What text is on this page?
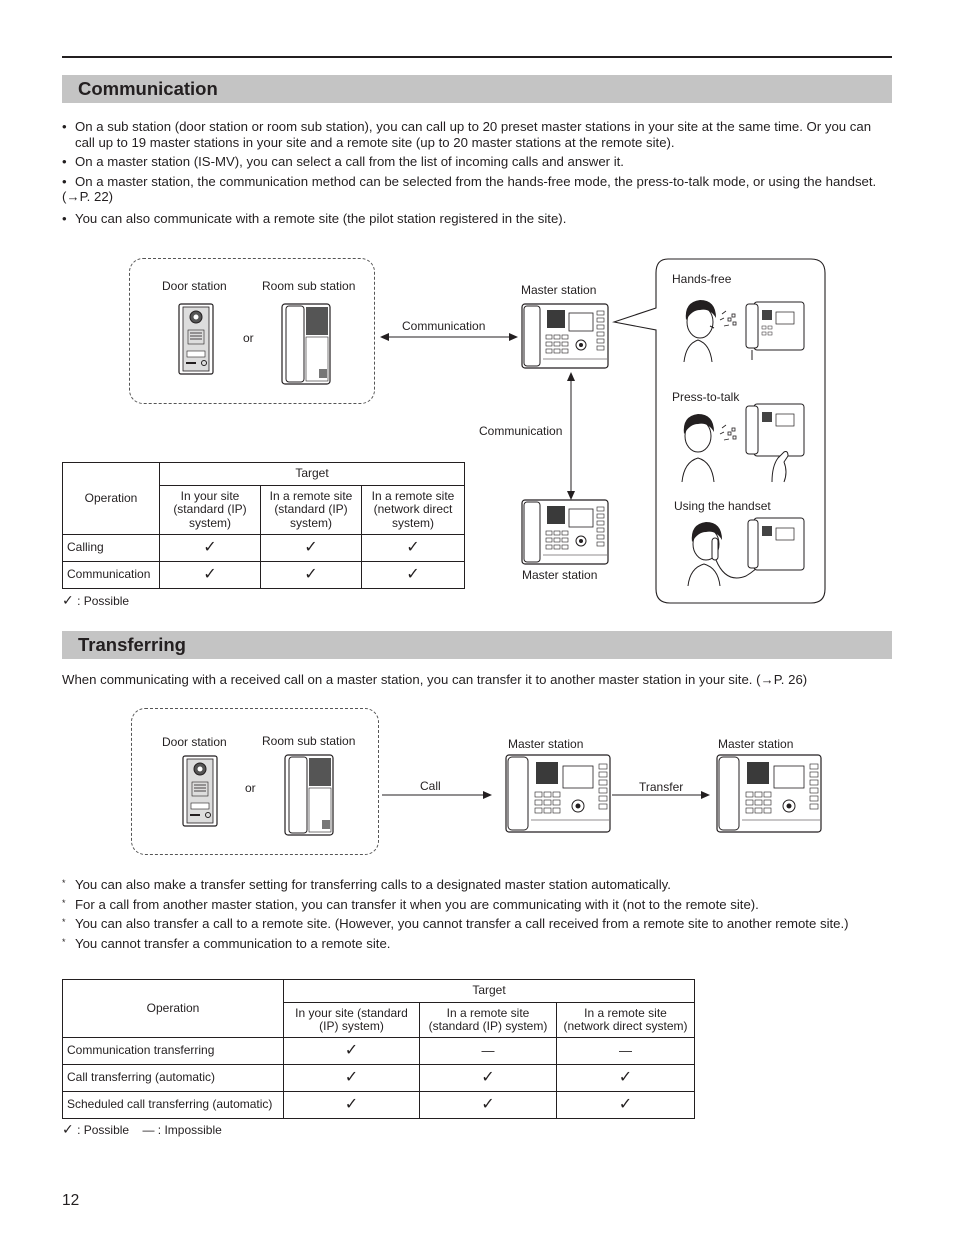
Communication
• On a sub station (door station or room sub station), you can call up to 20 preset master stations in your site at the same time. Or you can call up to 19 master stations in your site and a remote site (up to 20 master stations at the remote site).
• On a master station (IS-MV), you can select a call from the list of incoming calls and answer it.
• On a master station, the communication method can be selected from the hands-free mode, the press-to-talk mode, or using the handset.
(→P. 22)
• You can also communicate with a remote site (the pilot station registered in the site).
Door station	Room sub station
or
Communication
Master station
Communication
Master station
Hands-free
Press-to-talk
Using the handset
Operation	Target		
	In your site (standard (IP) system)	In a remote site (standard (IP) system)	In a remote site (network direct system)
Calling	✓	✓	✓
Communication	✓	✓	✓
✓ : Possible
Transferring
When communicating with a received call on a master station, you can transfer it to another master station in your site. (→P. 26)
Door station	Room sub station
or	Call
Master station
Transfer
Master station
* You can also make a transfer setting for transferring calls to a designated master station automatically.
* For a call from another master station, you can transfer it when you are communicating with it (not to the remote site).
* You can also transfer a call to a remote site. (However, you cannot transfer a call received from a remote site to another remote site.)
* You cannot transfer a communication to a remote site.
Operation	Target		
	In your site (standard (IP) system)	In a remote site (standard (IP) system)	In a remote site (network direct system)
Communication transferring	✓	—	—
Call transferring (automatic)	✓	✓	✓
Scheduled call transferring (automatic)	✓	✓	✓
✓ : Possible — : Impossible
12
